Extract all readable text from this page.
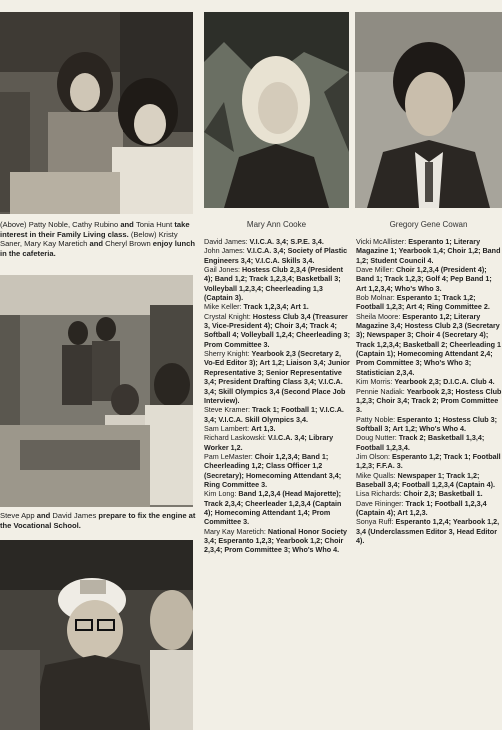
(Above) Patty Noble, Cathy Rubino and Tonia Hunt take interest in their Family Living class. (Below) Kristy Saner, Mary Kay Maretich and Cheryl Brown enjoy lunch in the cafeteria.
Steve App and David James prepare to fix the engine at the Vocational School.
Mary Ann Cooke	Gregory Gene Cowan
David James: V.I.C.A. 3,4; S.P.E. 3,4.
John James: V.I.C.A. 3,4; Society of Plastic Engineers 3,4; V.I.C.A. Skills 3,4.
Gail Jones: Hostess Club 2,3,4 (President 4); Band 1,2; Track 1,2,3,4; Basketball 3; Volleyball 1,2,3,4; Cheerleading 1,3 (Captain 3).
Mike Keller: Track 1,2,3,4; Art 1.
Crystal Knight: Hostess Club 3,4 (Treasurer 3, Vice-President 4); Choir 3,4; Track 4; Softball 4; Volleyball 1,2,4; Cheerleading 3; Prom Committee 3.
Sherry Knight: Yearbook 2,3 (Secretary 2, Vo-Ed Editor 3); Art 1,2; Liaison 3,4; Junior Representative 3; Senior Representative 3,4; President Drafting Class 3,4; V.I.C.A. 3,4; Skill Olympics 3,4 (Second Place Job Interview).
Steve Kramer: Track 1; Football 1; V.I.C.A. 3,4; V.I.C.A. Skill Olympics 3,4.
Sam Lambert: Art 1,3.
Richard Laskowski: V.I.C.A. 3,4; Library Worker 1,2.
Pam LeMaster: Choir 1,2,3,4; Band 1; Cheerleading 1,2; Class Officer 1,2 (Secretary); Homecoming Attendant 3,4; Ring Committee 3.
Kim Long: Band 1,2,3,4 (Head Majorette); Track 2,3,4; Cheerleader 1,2,3,4 (Captain 4); Homecoming Attendant 1,4; Prom Committee 3.
Mary Kay Maretich: National Honor Society 3,4; Esperanto 1,2,3; Yearbook 1,2; Choir 2,3,4; Prom Committee 3; Who's Who 4.
Vicki McAllister: Esperanto 1; Literary Magazine 1; Yearbook 1,4; Choir 1,2; Band 1,2; Student Council 4.
Dave Miller: Choir 1,2,3,4 (President 4); Band 1; Track 1,2,3; Golf 4; Pep Band 1; Art 1,2,3,4; Who's Who 3.
Bob Molnar: Esperanto 1; Track 1,2; Football 1,2,3; Art 4; Ring Committee 2.
Sheila Moore: Esperanto 1,2; Literary Magazine 3,4; Hostess Club 2,3 (Secretary 3); Newspaper 3; Choir 4 (Secretary 4); Track 1,2,3,4; Basketball 2; Cheerleading 1 (Captain 1); Homecoming Attendant 2,4; Prom Committee 3; Who's Who 3; Statistician 2,3,4.
Kim Morris: Yearbook 2,3; D.I.C.A. Club 4.
Pennie Nadiak: Yearbook 2,3; Hostess Club 1,2,3; Choir 3,4; Track 2; Prom Committee 3.
Patty Noble: Esperanto 1; Hostess Club 3; Softball 3; Art 1,2; Who's Who 4.
Doug Nutter: Track 2; Basketball 1,3,4; Football 1,2,3,4.
Jim Olson: Esperanto 1,2; Track 1; Football 1,2,3; F.F.A. 3.
Mike Qualls: Newspaper 1; Track 1,2; Baseball 3,4; Football 1,2,3,4 (Captain 4).
Lisa Richards: Choir 2,3; Basketball 1.
Dave Rininger: Track 1; Football 1,2,3,4 (Captain 4); Art 1,2,3.
Sonya Ruff: Esperanto 1,2,4; Yearbook 1,2, 3,4 (Underclassmen Editor 3, Head Editor 4).
